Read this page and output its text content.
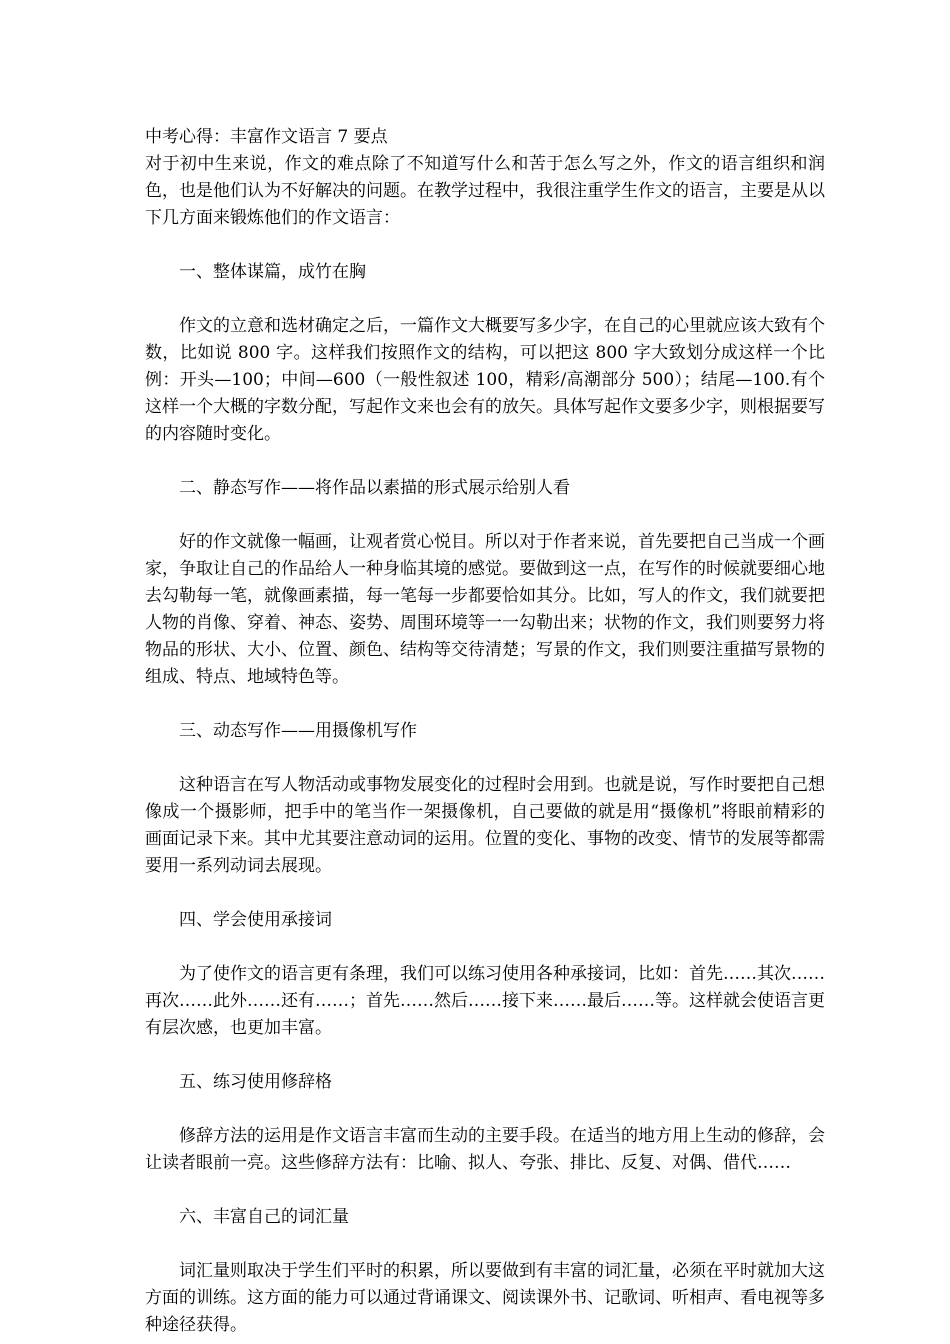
中考心得：丰富作文语言 7 要点

对于初中生来说，作文的难点除了不知道写什么和苦于怎么写之外，作文的语言组织和润色，也是他们认为不好解决的问题。在教学过程中，我很注重学生作文的语言，主要是从以下几方面来锻炼他们的作文语言：

一、整体谋篇，成竹在胸

作文的立意和选材确定之后，一篇作文大概要写多少字，在自己的心里就应该大致有个数，比如说 800 字。这样我们按照作文的结构，可以把这 800 字大致划分成这样一个比例：开头—100；中间—600（一般性叙述 100，精彩/高潮部分 500）；结尾—100.有个这样一个大概的字数分配，写起作文来也会有的放矢。具体写起作文要多少字，则根据要写的内容随时变化。

二、静态写作——将作品以素描的形式展示给别人看

好的作文就像一幅画，让观者赏心悦目。所以对于作者来说，首先要把自己当成一个画家，争取让自己的作品给人一种身临其境的感觉。要做到这一点，在写作的时候就要细心地去勾勒每一笔，就像画素描，每一笔每一步都要恰如其分。比如，写人的作文，我们就要把人物的肖像、穿着、神态、姿势、周围环境等一一勾勒出来；状物的作文，我们则要努力将物品的形状、大小、位置、颜色、结构等交待清楚；写景的作文，我们则要注重描写景物的组成、特点、地域特色等。

三、动态写作——用摄像机写作

这种语言在写人物活动或事物发展变化的过程时会用到。也就是说，写作时要把自己想像成一个摄影师，把手中的笔当作一架摄像机，自己要做的就是用“摄像机”将眼前精彩的画面记录下来。其中尤其要注意动词的运用。位置的变化、事物的改变、情节的发展等都需要用一系列动词去展现。

四、学会使用承接词

为了使作文的语言更有条理，我们可以练习使用各种承接词，比如：首先……其次……再次……此外……还有……；首先……然后……接下来……最后……等。这样就会使语言更有层次感，也更加丰富。

五、练习使用修辞格

修辞方法的运用是作文语言丰富而生动的主要手段。在适当的地方用上生动的修辞，会让读者眼前一亮。这些修辞方法有：比喻、拟人、夸张、排比、反复、对偶、借代……

六、丰富自己的词汇量

词汇量则取决于学生们平时的积累，所以要做到有丰富的词汇量，必须在平时就加大这方面的训练。这方面的能力可以通过背诵课文、阅读课外书、记歌词、听相声、看电视等多种途径获得。
